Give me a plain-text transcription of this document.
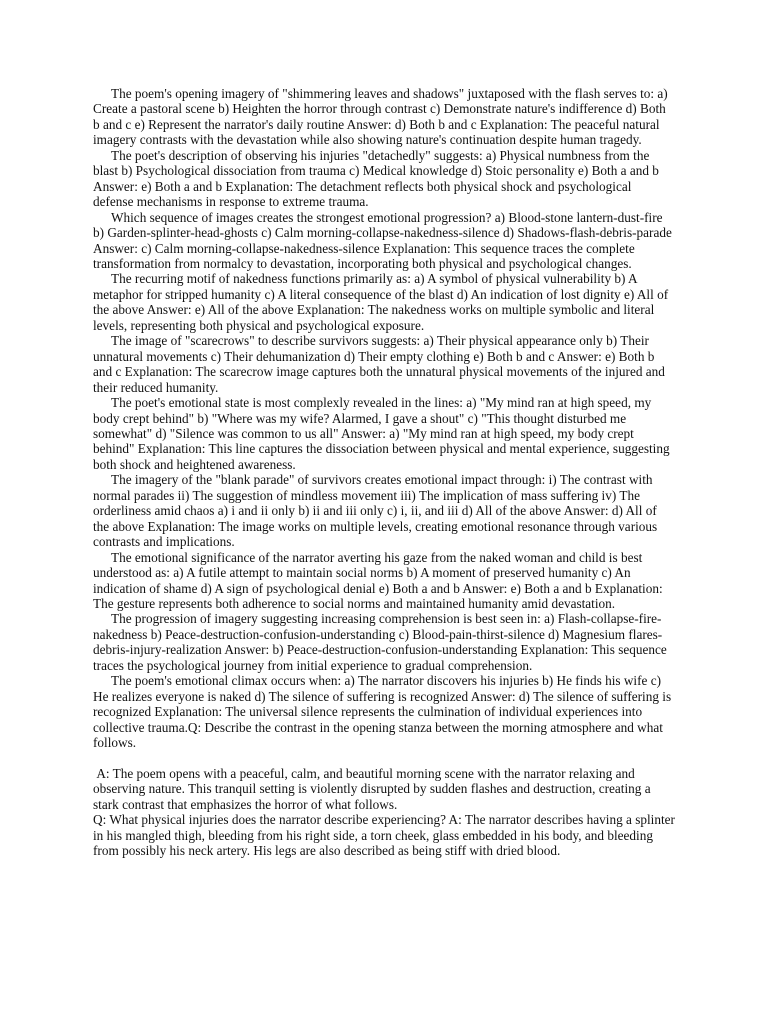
The poem's opening imagery of "shimmering leaves and shadows" juxtaposed with the flash serves to: a) Create a pastoral scene b) Heighten the horror through contrast c) Demonstrate nature's indifference d) Both b and c e) Represent the narrator's daily routine Answer: d) Both b and c Explanation: The peaceful natural imagery contrasts with the devastation while also showing nature's continuation despite human tragedy.

The poet's description of observing his injuries "detachedly" suggests: a) Physical numbness from the blast b) Psychological dissociation from trauma c) Medical knowledge d) Stoic personality e) Both a and b Answer: e) Both a and b Explanation: The detachment reflects both physical shock and psychological defense mechanisms in response to extreme trauma.

Which sequence of images creates the strongest emotional progression? a) Blood-stone lantern-dust-fire b) Garden-splinter-head-ghosts c) Calm morning-collapse-nakedness-silence d) Shadows-flash-debris-parade Answer: c) Calm morning-collapse-nakedness-silence Explanation: This sequence traces the complete transformation from normalcy to devastation, incorporating both physical and psychological changes.

The recurring motif of nakedness functions primarily as: a) A symbol of physical vulnerability b) A metaphor for stripped humanity c) A literal consequence of the blast d) An indication of lost dignity e) All of the above Answer: e) All of the above Explanation: The nakedness works on multiple symbolic and literal levels, representing both physical and psychological exposure.

The image of "scarecrows" to describe survivors suggests: a) Their physical appearance only b) Their unnatural movements c) Their dehumanization d) Their empty clothing e) Both b and c Answer: e) Both b and c Explanation: The scarecrow image captures both the unnatural physical movements of the injured and their reduced humanity.

The poet's emotional state is most complexly revealed in the lines: a) "My mind ran at high speed, my body crept behind" b) "Where was my wife? Alarmed, I gave a shout" c) "This thought disturbed me somewhat" d) "Silence was common to us all" Answer: a) "My mind ran at high speed, my body crept behind" Explanation: This line captures the dissociation between physical and mental experience, suggesting both shock and heightened awareness.

The imagery of the "blank parade" of survivors creates emotional impact through: i) The contrast with normal parades ii) The suggestion of mindless movement iii) The implication of mass suffering iv) The orderliness amid chaos a) i and ii only b) ii and iii only c) i, ii, and iii d) All of the above Answer: d) All of the above Explanation: The image works on multiple levels, creating emotional resonance through various contrasts and implications.

The emotional significance of the narrator averting his gaze from the naked woman and child is best understood as: a) A futile attempt to maintain social norms b) A moment of preserved humanity c) An indication of shame d) A sign of psychological denial e) Both a and b Answer: e) Both a and b Explanation: The gesture represents both adherence to social norms and maintained humanity amid devastation.

The progression of imagery suggesting increasing comprehension is best seen in: a) Flash-collapse-fire-nakedness b) Peace-destruction-confusion-understanding c) Blood-pain-thirst-silence d) Magnesium flares-debris-injury-realization Answer: b) Peace-destruction-confusion-understanding Explanation: This sequence traces the psychological journey from initial experience to gradual comprehension.

The poem's emotional climax occurs when: a) The narrator discovers his injuries b) He finds his wife c) He realizes everyone is naked d) The silence of suffering is recognized Answer: d) The silence of suffering is recognized Explanation: The universal silence represents the culmination of individual experiences into collective trauma.Q: Describe the contrast in the opening stanza between the morning atmosphere and what follows.

A: The poem opens with a peaceful, calm, and beautiful morning scene with the narrator relaxing and observing nature. This tranquil setting is violently disrupted by sudden flashes and destruction, creating a stark contrast that emphasizes the horror of what follows.

Q: What physical injuries does the narrator describe experiencing? A: The narrator describes having a splinter in his mangled thigh, bleeding from his right side, a torn cheek, glass embedded in his body, and bleeding from possibly his neck artery. His legs are also described as being stiff with dried blood.
